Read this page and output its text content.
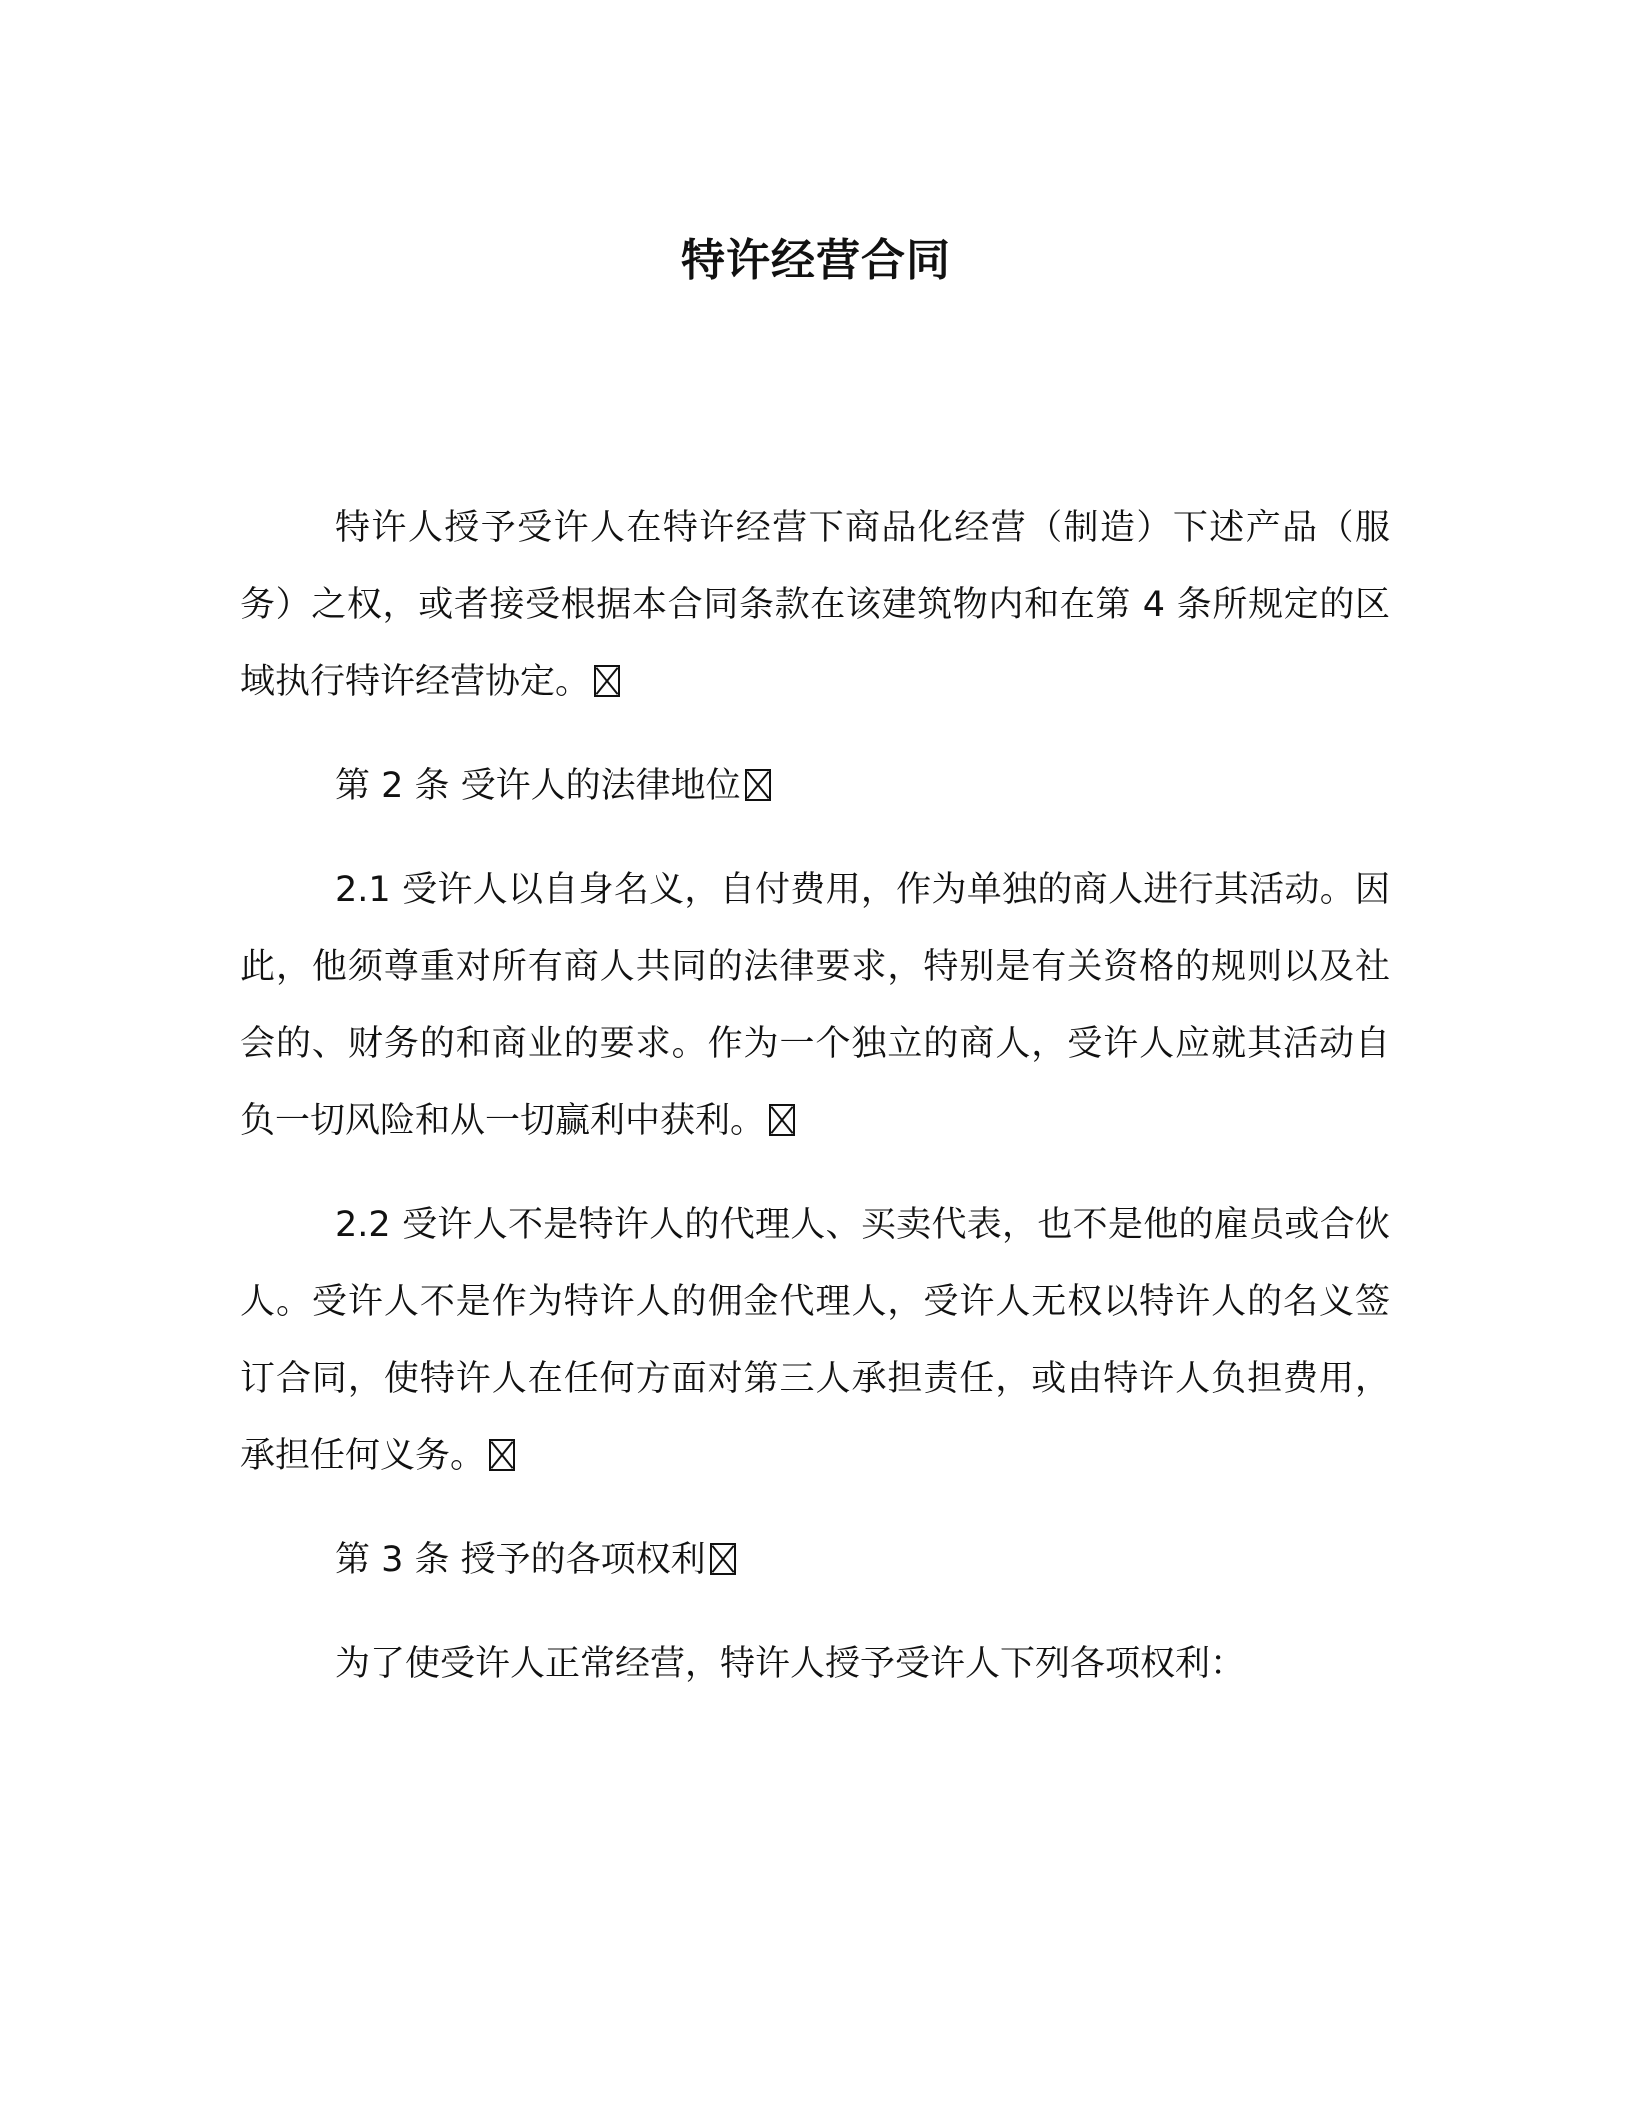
特许经营合同

特许人授予受许人在特许经营下商品化经营（制造）下述产品（服务）之权，或者接受根据本合同条款在该建筑物内和在第 4 条所规定的区域执行特许经营协定。

第 2 条 受许人的法律地位

2.1 受许人以自身名义，自付费用，作为单独的商人进行其活动。因此，他须尊重对所有商人共同的法律要求，特别是有关资格的规则以及社会的、财务的和商业的要求。作为一个独立的商人，受许人应就其活动自负一切风险和从一切赢利中获利。

2.2 受许人不是特许人的代理人、买卖代表，也不是他的雇员或合伙人。受许人不是作为特许人的佣金代理人，受许人无权以特许人的名义签订合同，使特许人在任何方面对第三人承担责任，或由特许人负担费用，承担任何义务。

第 3 条 授予的各项权利

为了使受许人正常经营，特许人授予受许人下列各项权利：
